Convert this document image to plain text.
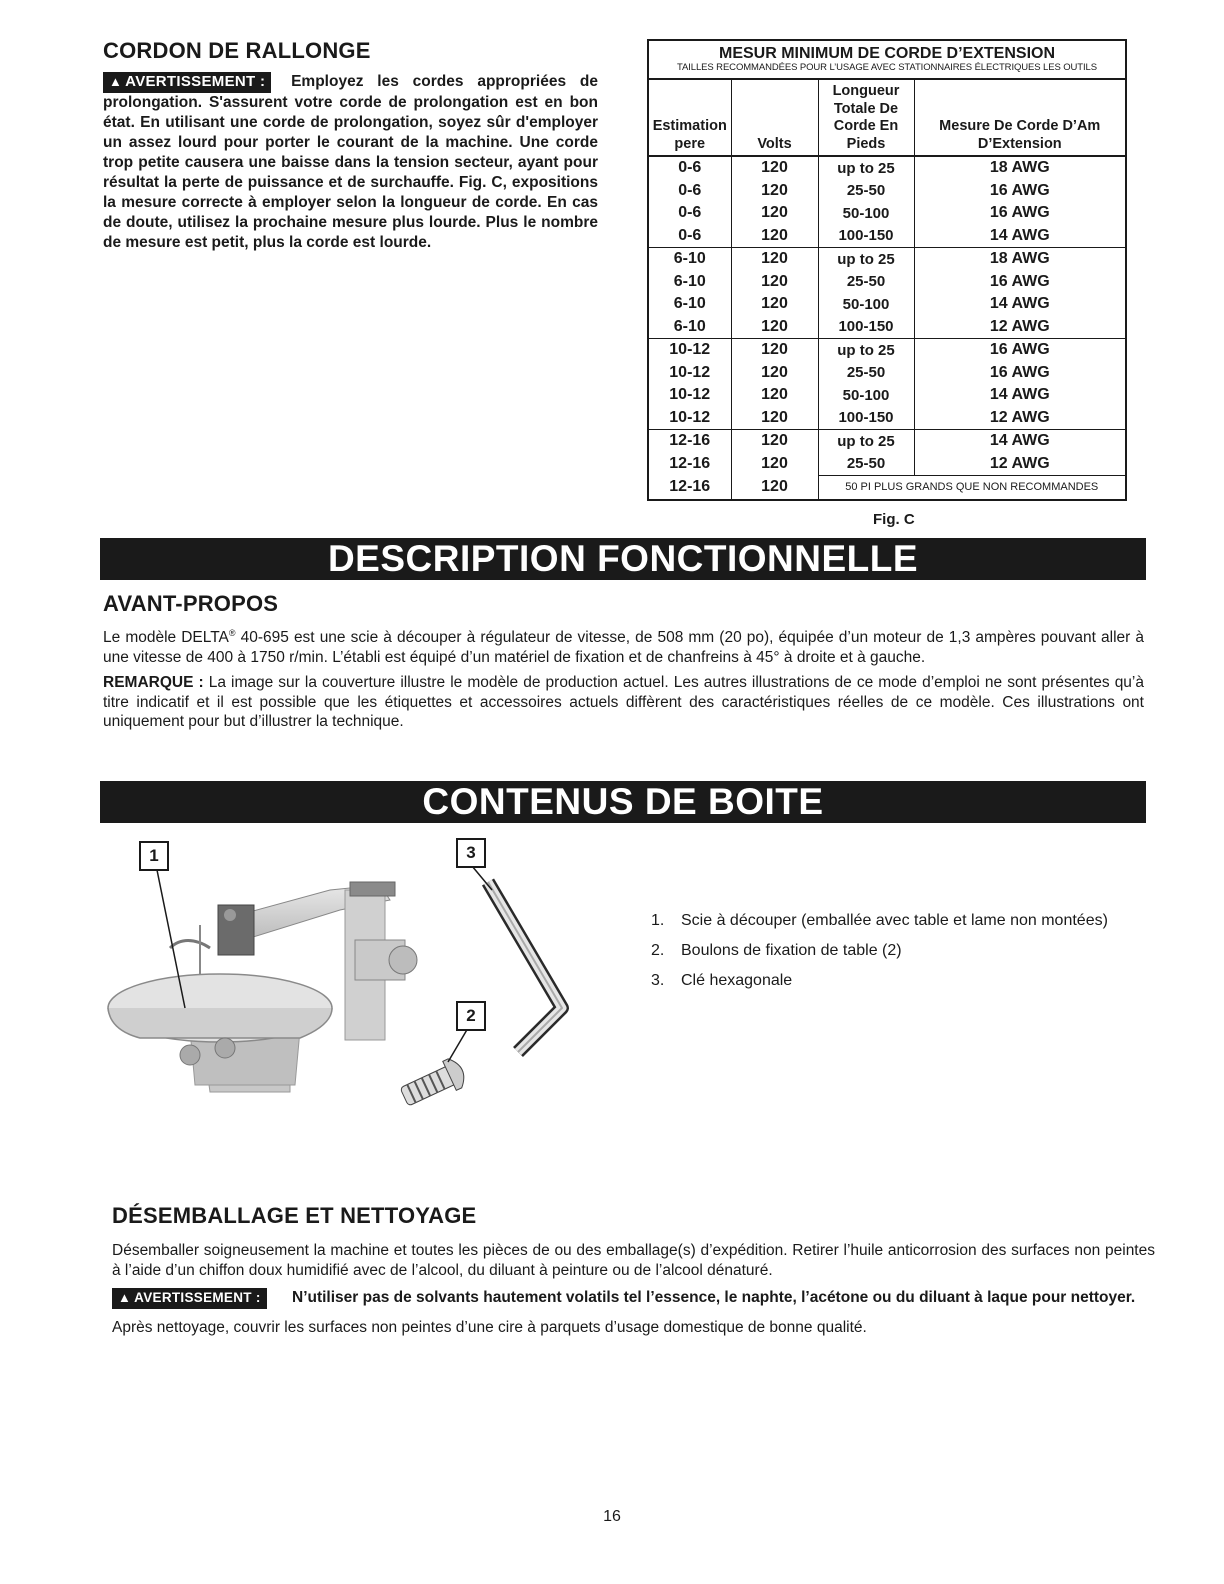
CORDON DE RALLONGE
▲ AVERTISSEMENT : Employez les cordes appropriées de prolongation. S'assurent votre corde de prolongation est en bon état. En utilisant une corde de prolongation, soyez sûr d'employer un assez lourd pour porter le courant de la machine. Une corde trop petite causera une baisse dans la tension secteur, ayant pour résultat la perte de puissance et de surchauffe. Fig. C, expositions la mesure correcte à employer selon la longueur de corde. En cas de doute, utilisez la prochaine mesure plus lourde. Plus le nombre de mesure est petit, plus la corde est lourde.
MESUR MINIMUM DE CORDE D’EXTENSION			
TAILLES RECOMMANDÉES POUR L’USAGE AVEC STATIONNAIRES ÉLECTRIQUES LES OUTILS			
Estimation
pere	Volts	Longueur
Totale De
Corde En
Pieds	Mesure De Corde D’Am
D’Extension
0-6	120	up to 25	18 AWG
0-6	120	25-50	16 AWG
0-6	120	50-100	16 AWG
0-6	120	100-150	14 AWG
6-10	120	up to 25	18 AWG
6-10	120	25-50	16 AWG
6-10	120	50-100	14 AWG
6-10	120	100-150	12 AWG
10-12	120	up to 25	16 AWG
10-12	120	25-50	16 AWG
10-12	120	50-100	14 AWG
10-12	120	100-150	12 AWG
12-16	120	up to 25	14 AWG
12-16	120	25-50	12 AWG
12-16	120	50 PI PLUS GRANDS QUE NON RECOMMANDES	
Fig. C
DESCRIPTION FONCTIONNELLE
AVANT-PROPOS

Le modèle DELTA® 40-695 est une scie à découper à régulateur de vitesse, de 508 mm (20 po), équipée d’un moteur de 1,3 ampères pouvant aller à une vitesse de 400 à 1750 r/min. L’établi est équipé d’un matériel de fixation et de chanfreins à 45° à droite et à gauche.

REMARQUE : La image sur la couverture illustre le modèle de production actuel. Les autres illustrations de ce mode d’emploi ne sont présentes qu’à titre indicatif et il est possible que les étiquettes et accessoires actuels diffèrent des caractéristiques réelles de ce modèle. Ces illustrations ont uniquement pour but d’illustrer la technique.

CONTENUS DE BOITE
1	3
2
1. Scie à découper (emballée avec table et lame non montées)
2. Boulons de fixation de table (2)
3. Clé hexagonale
DÉSEMBALLAGE ET NETTOYAGE

Désemballer soigneusement la machine et toutes les pièces de ou des emballage(s) d’expédition. Retirer l’huile anticorrosion des surfaces non peintes à l’aide d’un chiffon doux humidifié avec de l’alcool, du diluant à peinture ou de l’alcool dénaturé.

▲ AVERTISSEMENT :	N’utiliser pas de solvants hautement volatils tel l’essence, le naphte, l’acétone ou du diluant à laque pour nettoyer.

Après nettoyage, couvrir les surfaces non peintes d’une cire à parquets d’usage domestique de bonne qualité.

16
